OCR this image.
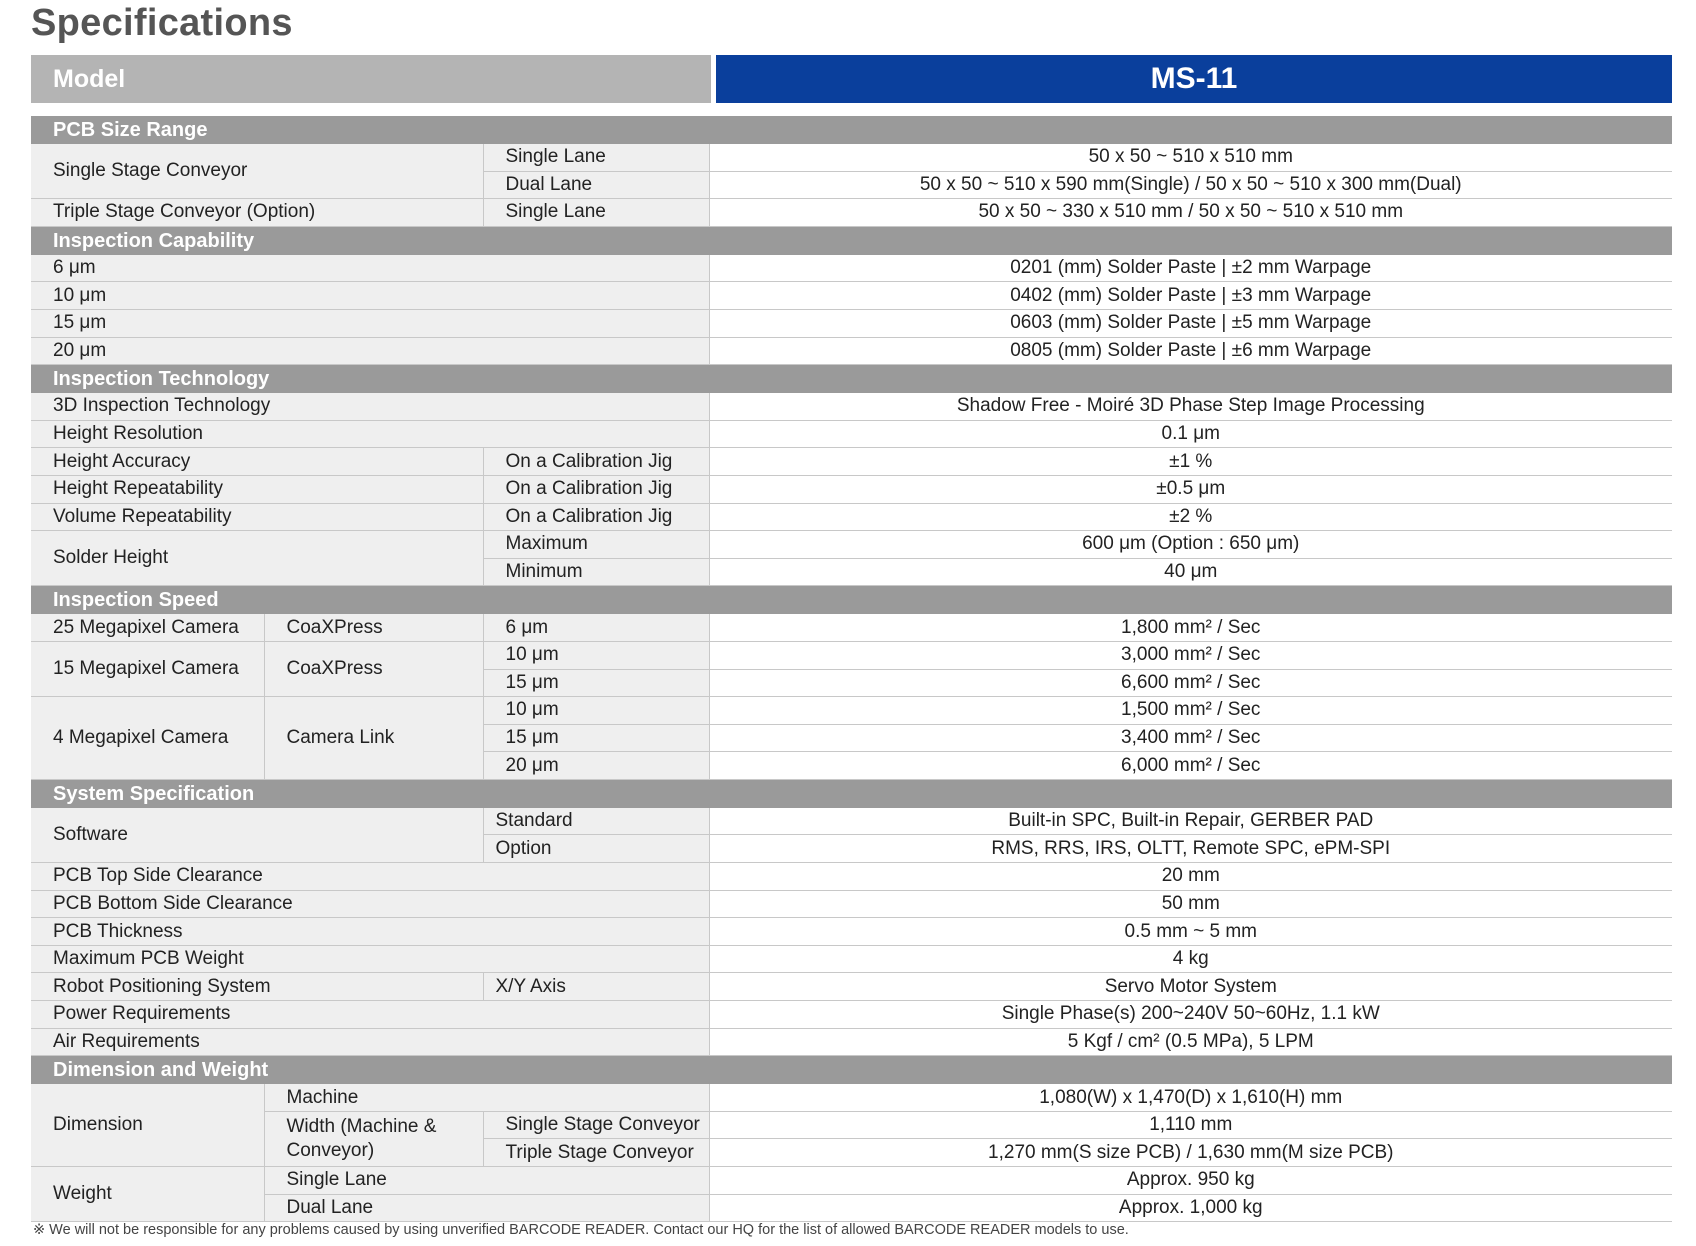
Specifications
Model	MS-11
PCB Size Range			
Single Stage Conveyor		Single Lane	50 x 50 ~ 510 x 510 mm
		Dual Lane	50 x 50 ~ 510 x 590 mm(Single) / 50 x 50 ~ 510 x 300 mm(Dual)
Triple Stage Conveyor (Option)		Single Lane	50 x 50 ~ 330 x 510 mm / 50 x 50 ~ 510 x 510 mm
Inspection Capability			
6 μm			0201 (mm) Solder Paste | ±2 mm Warpage
10 μm			0402 (mm) Solder Paste | ±3 mm Warpage
15 μm			0603 (mm) Solder Paste | ±5 mm Warpage
20 μm			0805 (mm) Solder Paste | ±6 mm Warpage
Inspection Technology			
3D Inspection Technology			Shadow Free - Moiré 3D Phase Step Image Processing
Height Resolution			0.1 μm
Height Accuracy		On a Calibration Jig	±1 %
Height Repeatability		On a Calibration Jig	±0.5 μm
Volume Repeatability		On a Calibration Jig	±2 %
Solder Height		Maximum	600 μm (Option : 650 μm)
		Minimum	40 μm
Inspection Speed			
25 Megapixel Camera	CoaXPress	6 μm	1,800 mm² / Sec
15 Megapixel Camera	CoaXPress	10 μm	3,000 mm² / Sec
		15 μm	6,600 mm² / Sec
4 Megapixel Camera	Camera Link	10 μm	1,500 mm² / Sec
		15 μm	3,400 mm² / Sec
		20 μm	6,000 mm² / Sec
System Specification			
Software		Standard	Built-in SPC, Built-in Repair, GERBER PAD
		Option	RMS, RRS, IRS, OLTT, Remote SPC, ePM-SPI
PCB Top Side Clearance			20 mm
PCB Bottom Side Clearance			50 mm
PCB Thickness			0.5 mm ~ 5 mm
Maximum PCB Weight			4 kg
Robot Positioning System		X/Y Axis	Servo Motor System
Power Requirements			Single Phase(s) 200~240V 50~60Hz, 1.1 kW
Air Requirements			5 Kgf / cm² (0.5 MPa), 5 LPM
Dimension and Weight			
Dimension	Machine		1,080(W) x 1,470(D) x 1,610(H) mm
	Width (Machine & Conveyor)	Single Stage Conveyor	1,110 mm
		Triple Stage Conveyor	1,270 mm(S size PCB) / 1,630 mm(M size PCB)
Weight	Single Lane		Approx. 950 kg
	Dual Lane		Approx. 1,000 kg
※ We will not be responsible for any problems caused by using unverified BARCODE READER. Contact our HQ for the list of allowed BARCODE READER models to use.
